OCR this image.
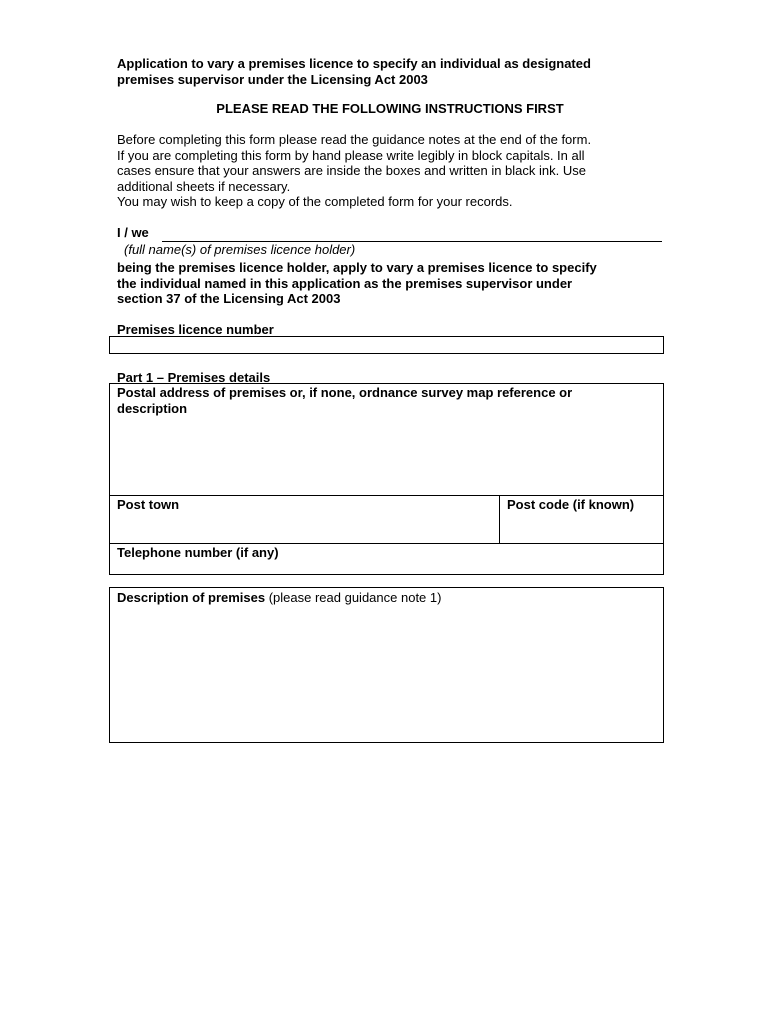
Application to vary a premises licence to specify an individual as designated
premises supervisor under the Licensing Act 2003
PLEASE READ THE FOLLOWING INSTRUCTIONS FIRST
Before completing this form please read the guidance notes at the end of the form.
If you are completing this form by hand please write legibly in block capitals. In all
cases ensure that your answers are inside the boxes and written in black ink. Use
additional sheets if necessary.
You may wish to keep a copy of the completed form for your records.
I / we
(full name(s) of premises licence holder)
being the premises licence holder, apply to vary a premises licence to specify
the individual named in this application as the premises supervisor under
section 37 of the Licensing Act 2003
Premises licence number
Part 1 – Premises details
Postal address of premises or, if none, ordnance survey map reference or
description
Post town	Post code (if known)
Telephone number (if any)
Description of premises (please read guidance note 1)
